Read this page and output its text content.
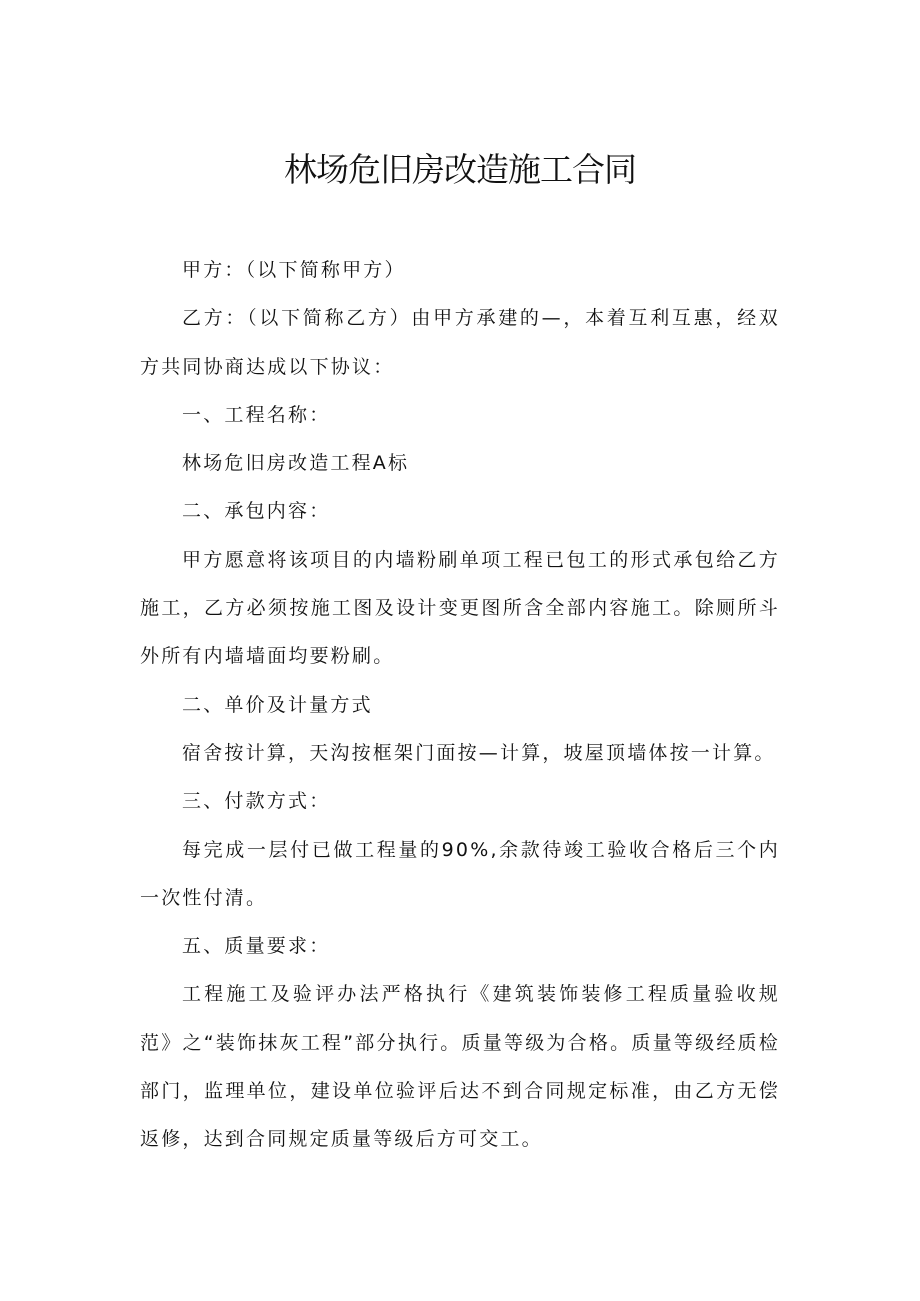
林场危旧房改造施工合同

甲方：（以下简称甲方）

乙方：（以下简称乙方）由甲方承建的—，本着互利互惠，经双方共同协商达成以下协议：

一、工程名称：

林场危旧房改造工程A标

二、承包内容：

甲方愿意将该项目的内墙粉刷单项工程已包工的形式承包给乙方施工，乙方必须按施工图及设计变更图所含全部内容施工。除厕所斗外所有内墙墙面均要粉刷。

二、单价及计量方式

宿舍按计算，天沟按框架门面按—计算，坡屋顶墙体按一计算。

三、付款方式：

每完成一层付已做工程量的90%,余款待竣工验收合格后三个内一次性付清。

五、质量要求：

工程施工及验评办法严格执行《建筑装饰装修工程质量验收规范》之“装饰抹灰工程”部分执行。质量等级为合格。质量等级经质检部门，监理单位，建设单位验评后达不到合同规定标准，由乙方无偿返修，达到合同规定质量等级后方可交工。
